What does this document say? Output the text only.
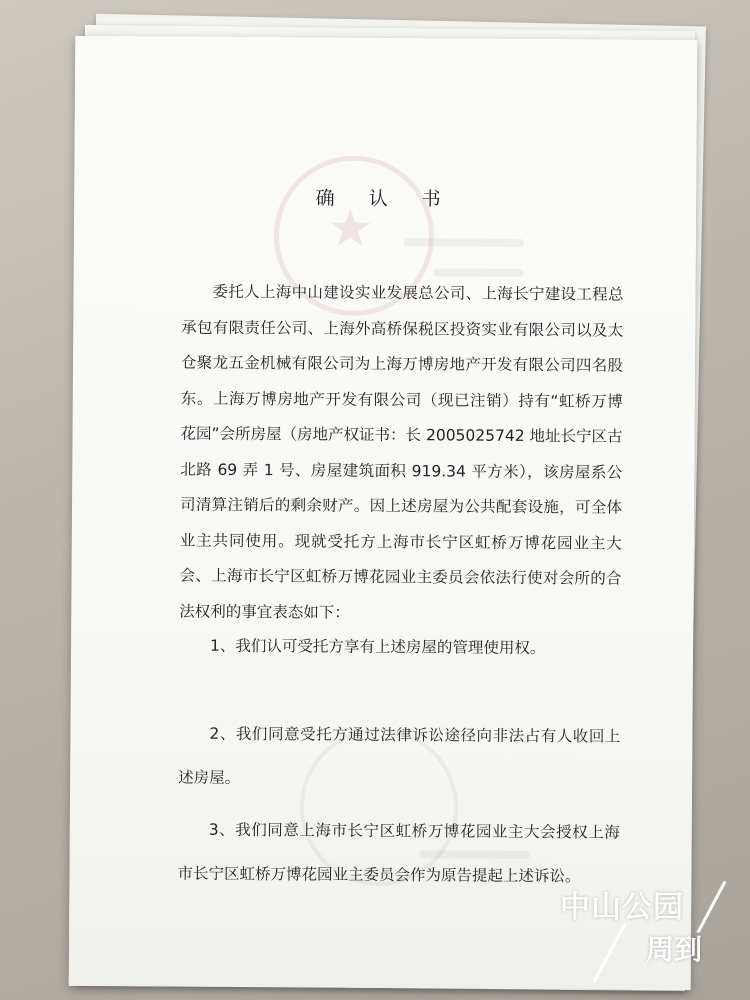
★
确 认 书
委托人上海中山建设实业发展总公司、上海长宁建设工程总承包有限责任公司、上海外高桥保税区投资实业有限公司以及太仓聚龙五金机械有限公司为上海万博房地产开发有限公司四名股东。上海万博房地产开发有限公司（现已注销）持有“虹桥万博花园”会所房屋（房地产权证书：长 2005025742 地址长宁区古北路 69 弄 1 号、房屋建筑面积 919.34 平方米），该房屋系公司清算注销后的剩余财产。因上述房屋为公共配套设施，可全体业主共同使用。现就受托方上海市长宁区虹桥万博花园业主大会、上海市长宁区虹桥万博花园业主委员会依法行使对会所的合法权利的事宜表态如下：
1、我们认可受托方享有上述房屋的管理使用权。
2、我们同意受托方通过法律诉讼途径向非法占有人收回上述房屋。
3、我们同意上海市长宁区虹桥万博花园业主大会授权上海市长宁区虹桥万博花园业主委员会作为原告提起上述诉讼。
中山公园
周到
